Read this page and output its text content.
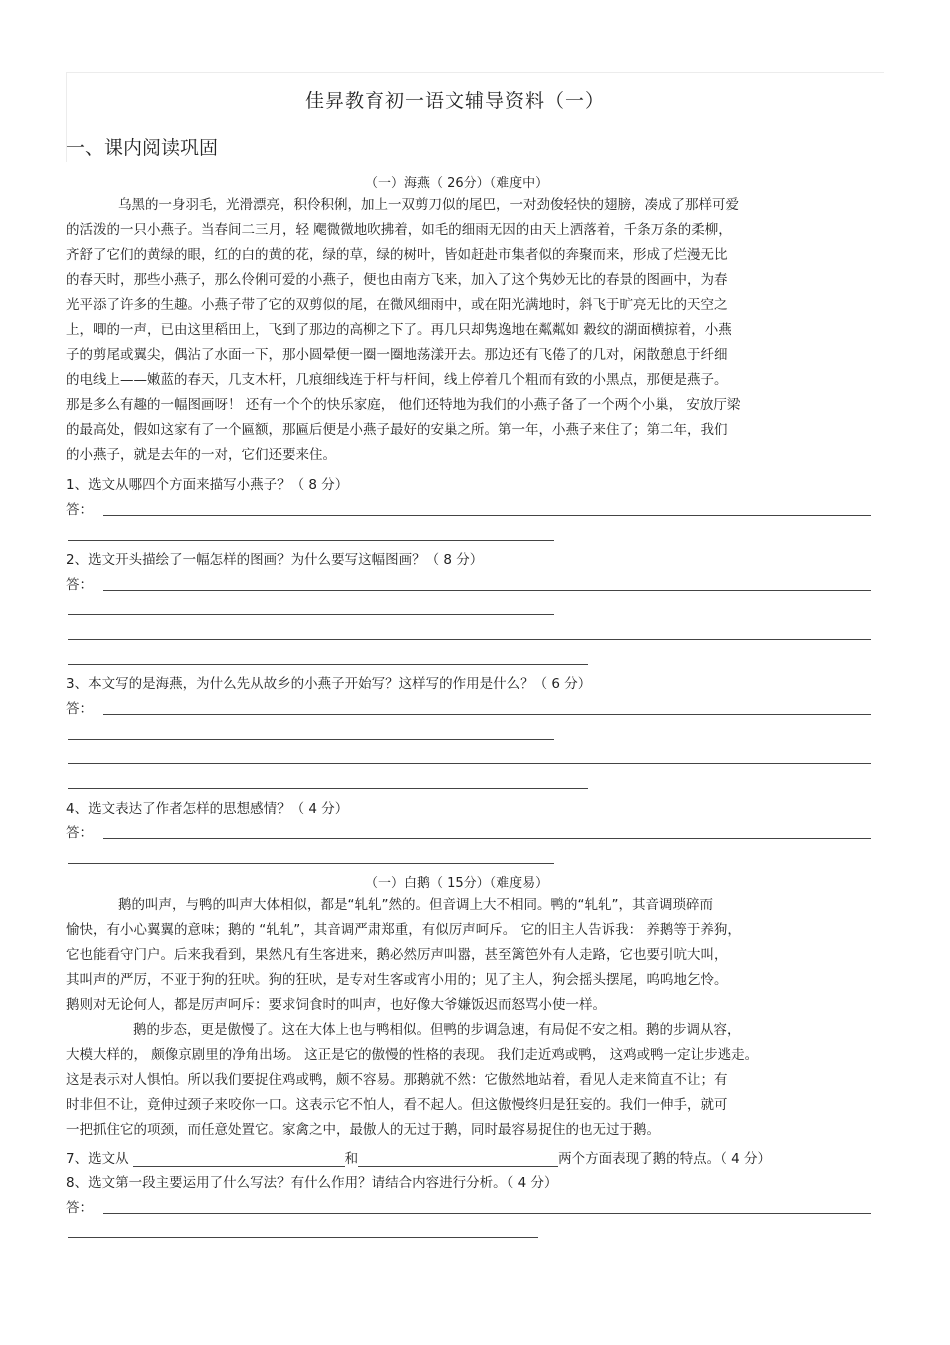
佳昇教育初一语文辅导资料（一）
一、课内阅读巩固
（一）海燕（ 26分）（难度中）
乌黑的一身羽毛，光滑漂亮，积伶积俐，加上一双剪刀似的尾巴，一对劲俊轻快的翅膀，凑成了那样可爱
的活泼的一只小燕子。当春间二三月，轻 飔微微地吹拂着，如毛的细雨无因的由天上洒落着，千条万条的柔柳，
齐舒了它们的黄绿的眼，红的白的黄的花，绿的草，绿的树叶，皆如赶赴市集者似的奔聚而来，形成了烂漫无比
的春天时，那些小燕子，那么伶俐可爱的小燕子，便也由南方飞来，加入了这个隽妙无比的春景的图画中，为春
光平添了许多的生趣。小燕子带了它的双剪似的尾，在微风细雨中，或在阳光满地时，斜飞于旷亮无比的天空之
上，唧的一声，已由这里稻田上，飞到了那边的高柳之下了。再几只却隽逸地在粼粼如 縠纹的湖面横掠着，小燕
子的剪尾或翼尖，偶沾了水面一下，那小圆晕便一圈一圈地荡漾开去。那边还有飞倦了的几对，闲散憩息于纤细
的电线上——嫩蓝的春天，几支木杆，几痕细线连于杆与杆间，线上停着几个粗而有致的小黑点，那便是燕子。
那是多么有趣的一幅图画呀！ 还有一个个的快乐家庭， 他们还特地为我们的小燕子备了一个两个小巢， 安放厅梁
的最高处，假如这家有了一个匾额，那匾后便是小燕子最好的安巢之所。第一年，小燕子来住了；第二年，我们
的小燕子，就是去年的一对，它们还要来住。
1、选文从哪四个方面来描写小燕子？（ 8 分）
答：
2、选文开头描绘了一幅怎样的图画？为什么要写这幅图画？（ 8 分）
答：
3、本文写的是海燕，为什么先从故乡的小燕子开始写？这样写的作用是什么？（ 6 分）
答：
4、选文表达了作者怎样的思想感情？（ 4 分）
答：
（一）白鹅（ 15分）（难度易）
鹅的叫声，与鸭的叫声大体相似，都是“轧轧”然的。但音调上大不相同。鸭的“轧轧”，其音调琐碎而
愉快，有小心翼翼的意味；鹅的 “轧轧”，其音调严肃郑重，有似厉声呵斥。 它的旧主人告诉我： 养鹅等于养狗，
它也能看守门户。后来我看到，果然凡有生客进来，鹅必然厉声叫嚣，甚至篱笆外有人走路，它也要引吭大叫，
其叫声的严厉，不亚于狗的狂吠。狗的狂吠，是专对生客或宵小用的；见了主人，狗会摇头摆尾，呜呜地乞怜。
鹅则对无论何人，都是厉声呵斥：要求饲食时的叫声，也好像大爷嫌饭迟而怒骂小使一样。
鹅的步态，更是傲慢了。这在大体上也与鸭相似。但鸭的步调急速，有局促不安之相。鹅的步调从容，
大模大样的， 颇像京剧里的净角出场。 这正是它的傲慢的性格的表现。 我们走近鸡或鸭， 这鸡或鸭一定让步逃走。
这是表示对人惧怕。所以我们要捉住鸡或鸭，颇不容易。那鹅就不然：它傲然地站着，看见人走来简直不让；有
时非但不让，竟伸过颈子来咬你一口。这表示它不怕人，看不起人。但这傲慢终归是狂妄的。我们一伸手，就可
一把抓住它的项颈，而任意处置它。家禽之中，最傲人的无过于鹅，同时最容易捉住的也无过于鹅。
7、选文从	和	两个方面表现了鹅的特点。（ 4 分）
8、选文第一段主要运用了什么写法？有什么作用？请结合内容进行分析。（ 4 分）
答：
